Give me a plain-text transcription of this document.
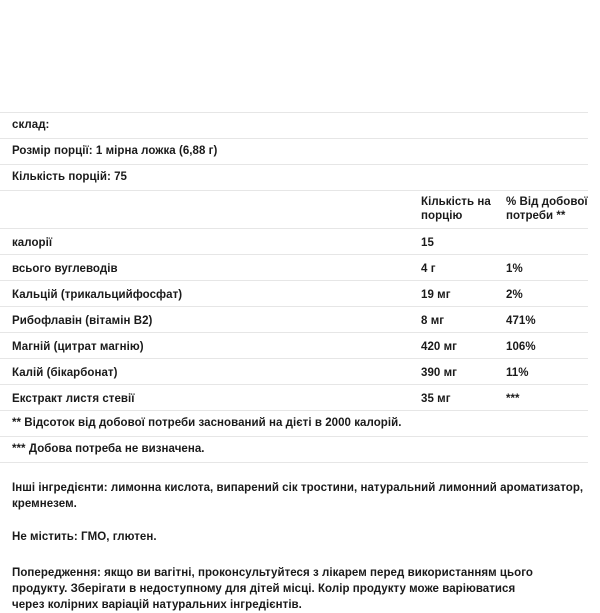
склад:
Розмір порції: 1 мірна ложка (6,88 г)
Кількість порцій: 75
Кількість на порцію
% Від добової потреби **
калорії	15
всього вуглеводів	4 г	1%
Кальцій (трикальцийфосфат)	19 мг	2%
Рибофлавін (вітамін B2)	8 мг	471%
Магній (цитрат магнію)	420 мг	106%
Калій (бікарбонат)	390 мг	11%
Екстракт листя стевії	35 мг	***
** Відсоток від добової потреби заснований на дієті в 2000 калорій.
*** Добова потреба не визначена.

Інші інгредієнти: лимонна кислота, випарений сік тростини, натуральний лимонний ароматизатор, кремнезем.

Не містить: ГМО, глютен.

Попередження: якщо ви вагітні, проконсультуйтеся з лікарем перед використанням цього продукту. Зберігати в недоступному для дітей місці. Колір продукту може варіюватися через колірних варіацій натуральних інгредієнтів.
